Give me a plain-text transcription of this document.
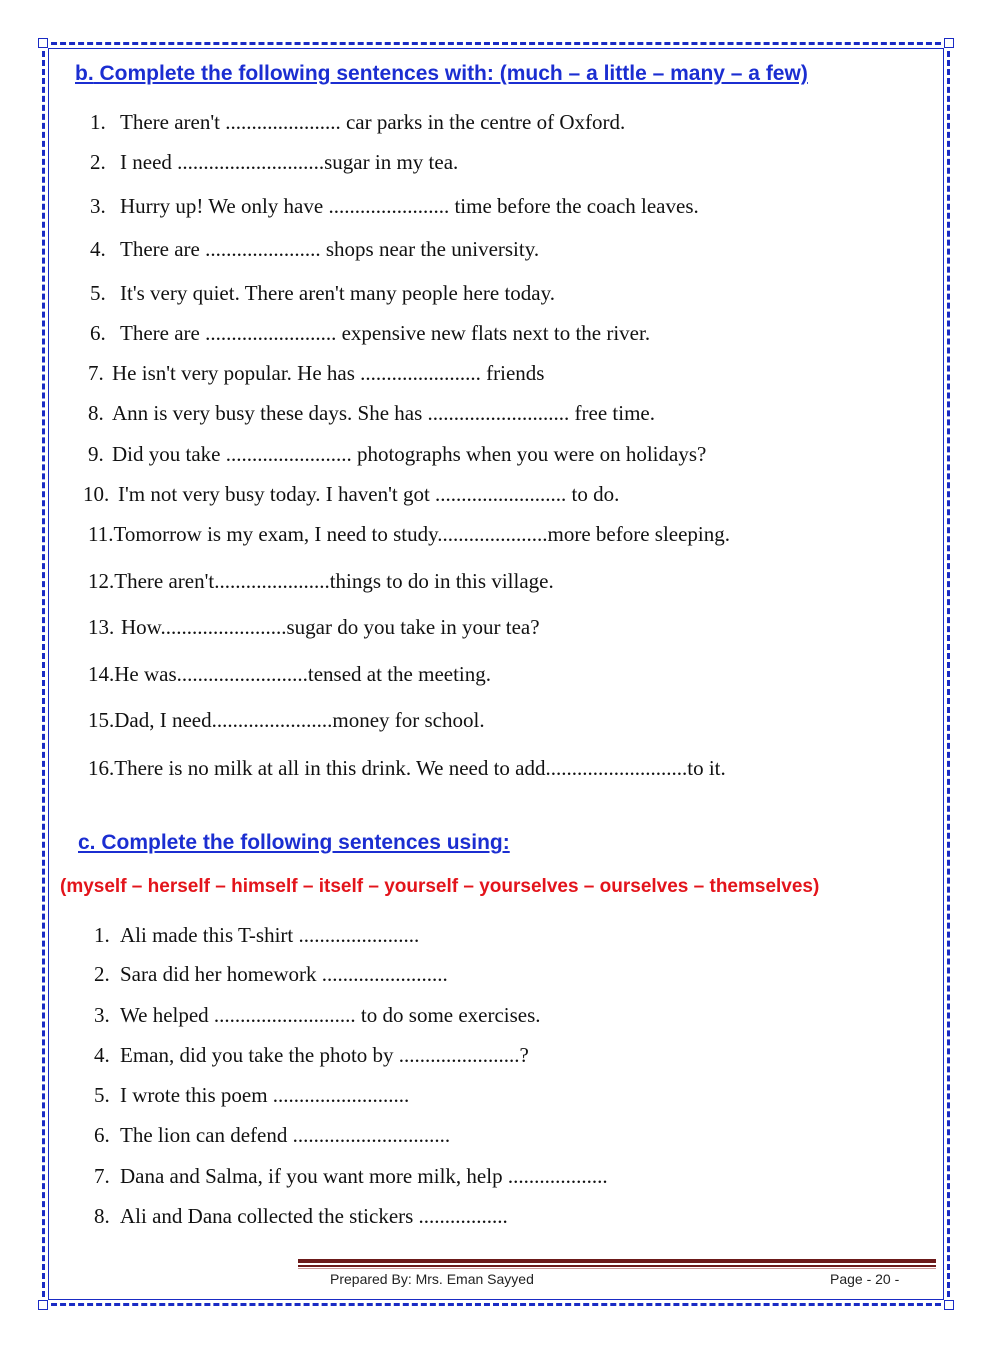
b. Complete the following sentences with: (much – a little – many – a few)
1. There aren't ...................... car parks in the centre of Oxford.
2. I need ............................sugar in my tea.
3. Hurry up! We only have ....................... time before the coach leaves.
4. There are ...................... shops near the university.
5. It's very quiet. There aren't many people here today.
6. There are ......................... expensive new flats next to the river.
7. He isn't very popular. He has ....................... friends
8. Ann is very busy these days. She has ........................... free time.
9. Did you take ........................ photographs when you were on holidays?
10. I'm not very busy today. I haven't got ......................... to do.
11.Tomorrow is my exam, I need to study.....................more before sleeping.
12.There aren't......................things to do in this village.
13. How........................sugar do you take in your tea?
14.He was.........................tensed at the meeting.
15.Dad, I need.......................money for school.
16.There is no milk at all in this drink. We need to add...........................to it.
c. Complete the following sentences using:
(myself – herself – himself – itself – yourself – yourselves – ourselves – themselves)
1. Ali made this T-shirt .......................
2. Sara did her homework ........................
3. We helped ........................... to do some exercises.
4. Eman, did you take the photo by .......................?
5. I wrote this poem ..........................
6. The lion can defend ..............................
7. Dana and Salma, if you want more milk, help ...................
8. Ali and Dana collected the stickers .................
Prepared By: Mrs. Eman Sayyed	Page - 20 -
